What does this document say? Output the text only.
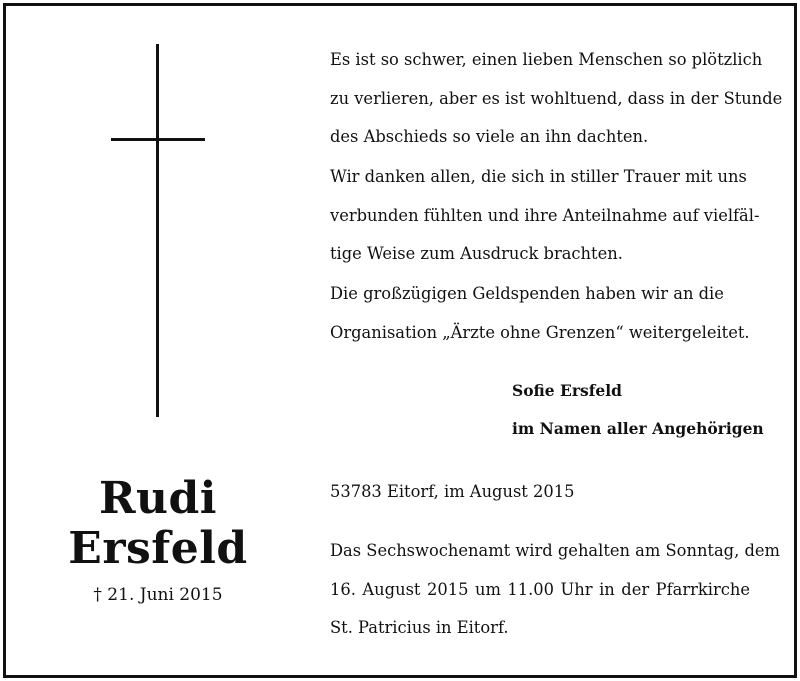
Rudi
Ersfeld
† 21. Juni 2015

Es ist so schwer, einen lieben Menschen so plötzlich
zu verlieren, aber es ist wohltuend, dass in der Stunde
des Abschieds so viele an ihn dachten.

Wir danken allen, die sich in stiller Trauer mit uns
verbunden fühlten und ihre Anteilnahme auf vielfäl-
tige Weise zum Ausdruck brachten.

Die großzügigen Geldspenden haben wir an die
Organisation „Ärzte ohne Grenzen“ weitergeleitet.

Sofie Ersfeld
im Namen aller Angehörigen

53783 Eitorf, im August 2015

Das Sechswochenamt wird gehalten am Sonntag, dem
16. August 2015 um 11.00 Uhr in der Pfarrkirche
St. Patricius in Eitorf.
